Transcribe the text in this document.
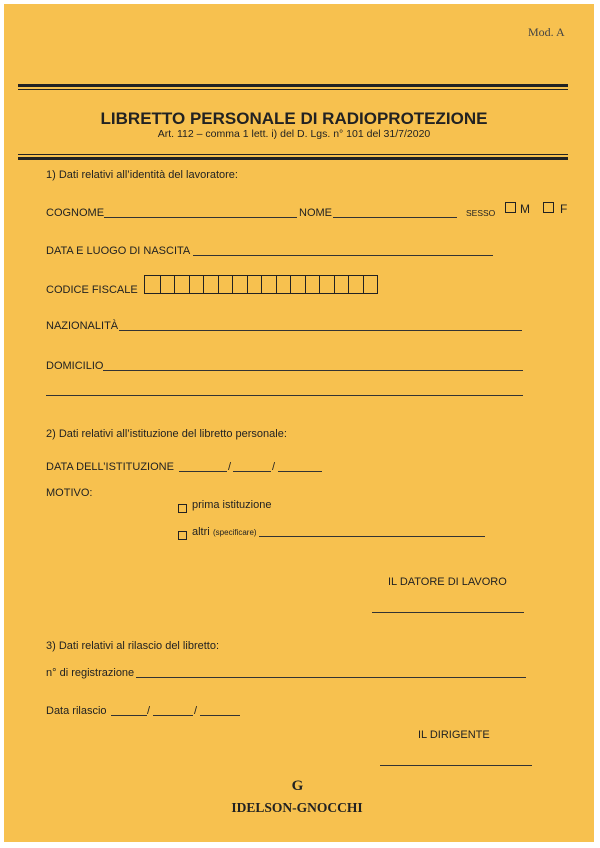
Mod. A
LIBRETTO PERSONALE DI RADIOPROTEZIONE
Art. 112 – comma 1 lett. i) del D. Lgs. n° 101 del 31/7/2020
1) Dati relativi all’identità del lavoratore:
COGNOME	NOME	SESSO M	F
DATA E LUOGO DI NASCITA
CODICE FISCALE
NAZIONALITÀ
DOMICILIO
2) Dati relativi all’istituzione del libretto personale:
DATA DELL’ISTITUZIONE	/	/
MOTIVO:
prima istituzione
altri (specificare)
IL DATORE DI LAVORO
3) Dati relativi al rilascio del libretto:
n° di registrazione
Data rilascio	/	/
IL DIRIGENTE
G
IDELSON-GNOCCHI
